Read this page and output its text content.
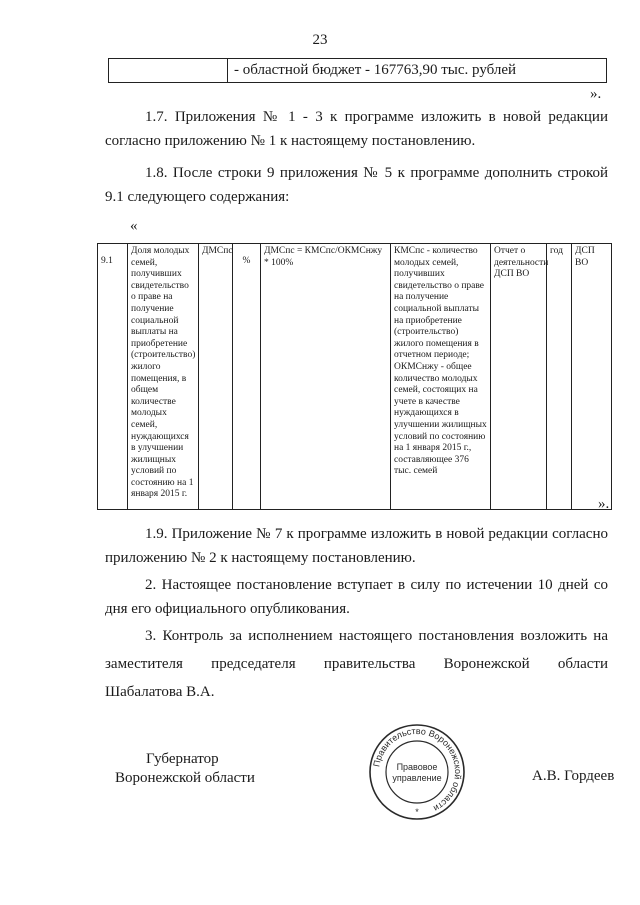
23
	- областной бюджет - 167763,90 тыс. рублей
».
1.7. Приложения № 1 - 3 к программе изложить в новой редакции
согласно приложению № 1 к настоящему постановлению.
1.8. После строки 9 приложения № 5 к программе дополнить строкой
9.1 следующего содержания:
«
9.1	Доля молодых семей, получивших свидетельство о праве на получение социальной выплаты на приобретение (строительство) жилого помещения, в общем количестве молодых семей, нуждающихся в улучшении жилищных условий по состоянию на 1 января 2015 г.	ДМСпс	%	ДМСпс = КМСпс/ОКМСнжу * 100%	КМСпс - количество молодых семей, получивших свидетельство о праве на получение социальной выплаты на приобретение (строительство) жилого помещения в отчетном периоде; ОКМСнжу - общее количество молодых семей, состоящих на учете в качестве нуждающихся в улучшении жилищных условий по состоянию на 1 января 2015 г., составляющее 376 тыс. семей	Отчет о деятельности ДСП ВО	год	ДСП ВО
».
1.9. Приложение № 7 к программе изложить в новой редакции согласно
приложению № 2 к настоящему постановлению.
2. Настоящее постановление вступает в силу по истечении 10 дней со
дня его официального опубликования.
3. Контроль за исполнением настоящего постановления возложить на
заместителя председателя правительства Воронежской области
Шабалатова В.А.
Губернатор
Воронежской области	А.В. Гордеев
Правительство Воронежской области
Правовое
управление
*
